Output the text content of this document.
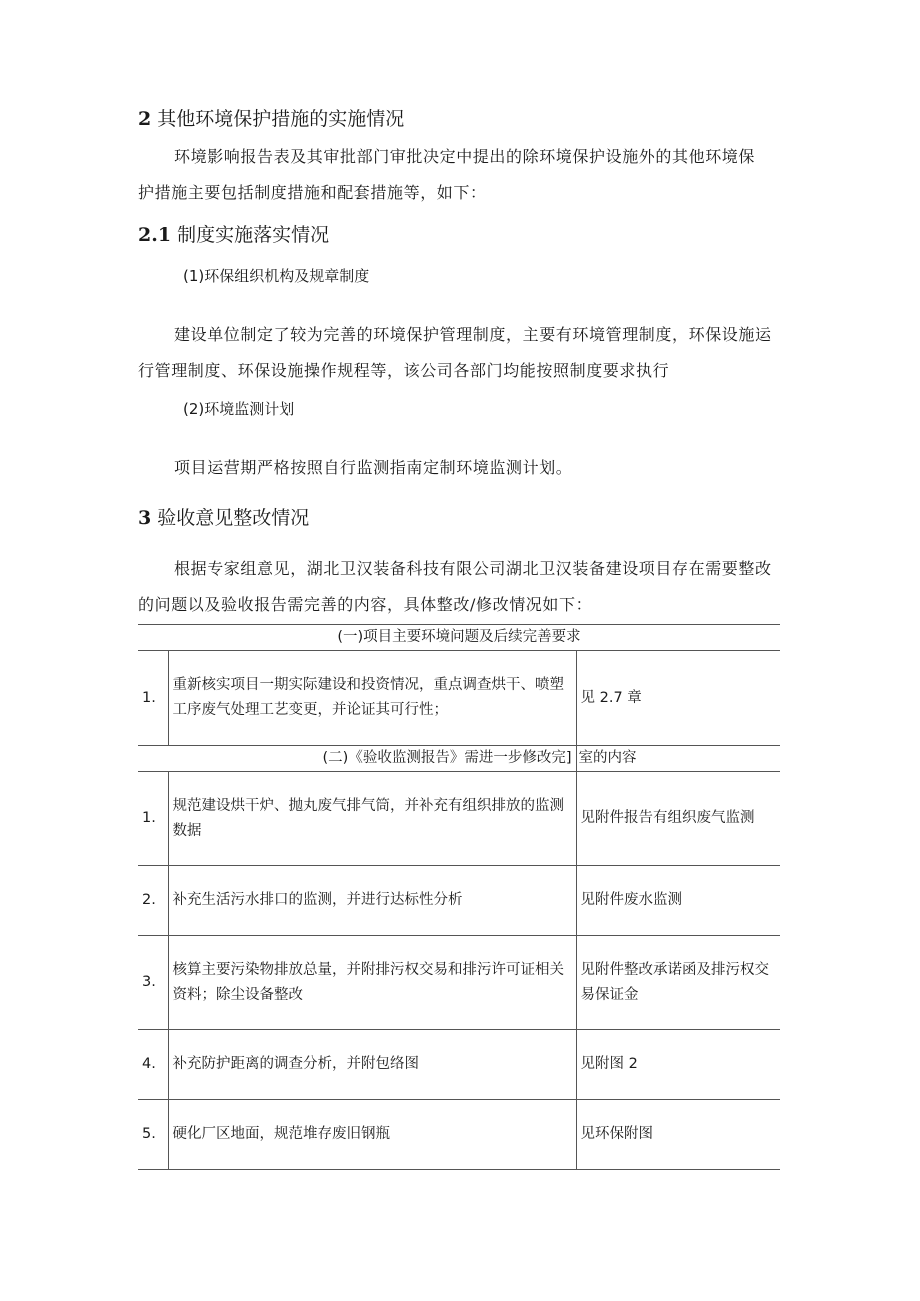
2 其他环境保护措施的实施情况
环境影响报告表及其审批部门审批决定中提出的除环境保护设施外的其他环境保
护措施主要包括制度措施和配套措施等，如下：
2.1 制度实施落实情况
(1)环保组织机构及规章制度
建设单位制定了较为完善的环境保护管理制度，主要有环境管理制度，环保设施运
行管理制度、环保设施操作规程等，该公司各部门均能按照制度要求执行
(2)环境监测计划
项目运营期严格按照自行监测指南定制环境监测计划。
3 验收意见整改情况
根据专家组意见，湖北卫汉装备科技有限公司湖北卫汉装备建设项目存在需要整改
的问题以及验收报告需完善的内容，具体整改/修改情况如下：
(一)项目主要环境问题及后续完善要求		
1.	重新核实项目一期实际建设和投资情况，重点调查烘干、喷塑工序废气处理工艺变更，并论证其可行性；	见 2.7 章
(二)《验收监测报告》需进一步修改完]		室的内容
1.	规范建设烘干炉、抛丸废气排气筒，并补充有组织排放的监测数据	见附件报告有组织废气监测
2.	补充生活污水排口的监测，并进行达标性分析	见附件废水监测
3.	核算主要污染物排放总量，并附排污权交易和排污许可证相关资料；除尘设备整改	见附件整改承诺函及排污权交易保证金
4.	补充防护距离的调查分析，并附包络图	见附图 2
5.	硬化厂区地面，规范堆存废旧钢瓶	见环保附图
